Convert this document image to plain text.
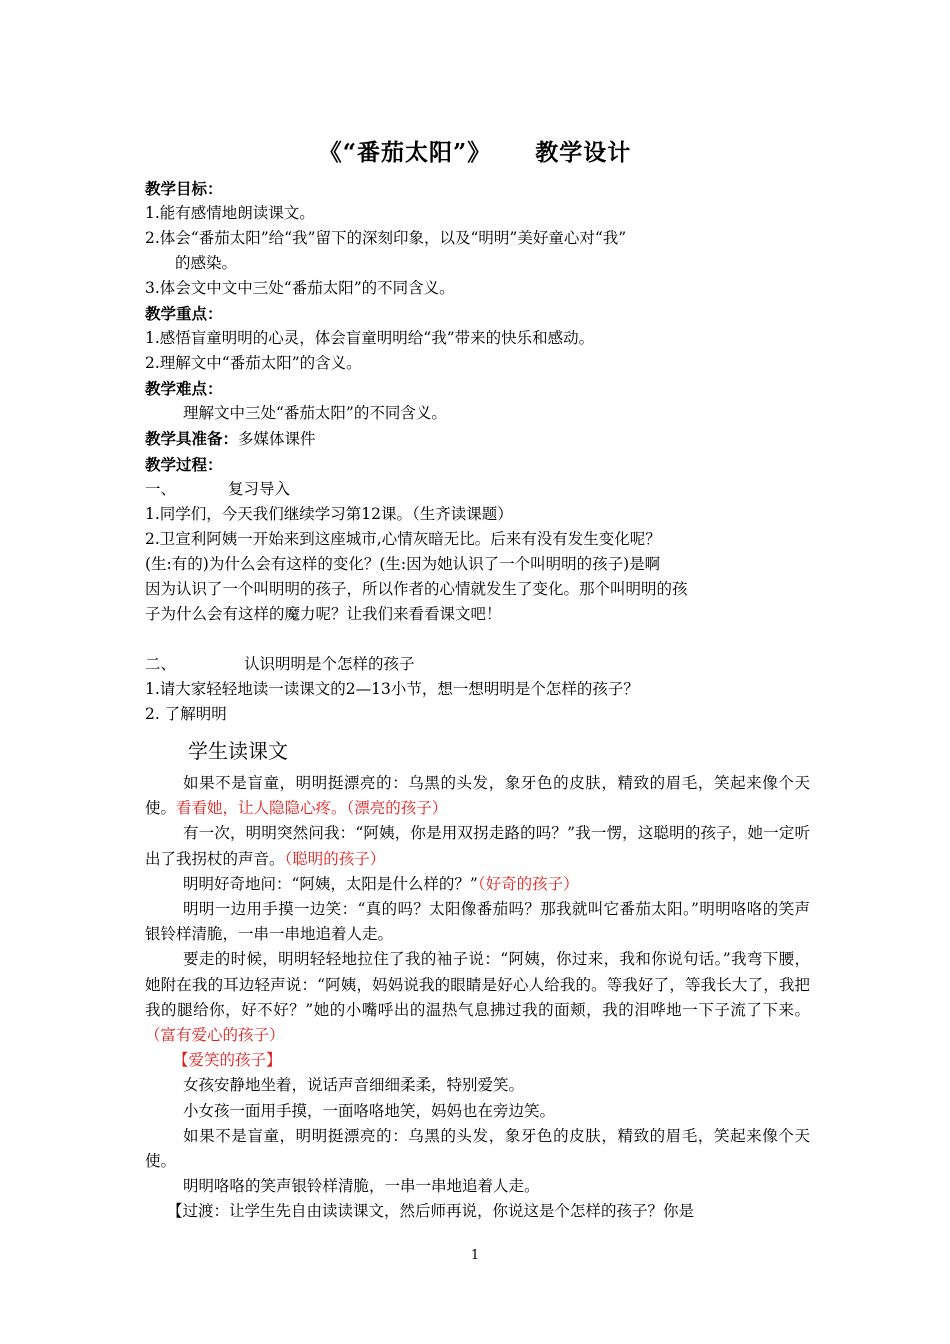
《“番茄太阳”》 教学设计
教学目标：
1.能有感情地朗读课文。
2.体会“番茄太阳”给“我”留下的深刻印象，以及“明明”美好童心对“我”
的感染。
3.体会文中文中三处“番茄太阳”的不同含义。
教学重点：
1.感悟盲童明明的心灵，体会盲童明明给“我”带来的快乐和感动。
2.理解文中“番茄太阳”的含义。
教学难点：
理解文中三处“番茄太阳”的不同含义。
教学具准备：多媒体课件
教学过程：
一、	复习导入
1.同学们，今天我们继续学习第12课。（生齐读课题）
2.卫宣利阿姨一开始来到这座城市,心情灰暗无比。后来有没有发生变化呢？
(生:有的)为什么会有这样的变化？(生:因为她认识了一个叫明明的孩子)是啊
因为认识了一个叫明明的孩子，所以作者的心情就发生了变化。那个叫明明的孩
子为什么会有这样的魔力呢？让我们来看看课文吧！
二、	认识明明是个怎样的孩子
1.请大家轻轻地读一读课文的2—13小节，想一想明明是个怎样的孩子？
2. 了解明明
学生读课文

如果不是盲童，明明挺漂亮的：乌黑的头发，象牙色的皮肤，精致的眉毛，笑起来像个天使。看看她，让人隐隐心疼。（漂亮的孩子）

有一次，明明突然问我：“阿姨，你是用双拐走路的吗？”我一愣，这聪明的孩子，她一定听出了我拐杖的声音。（聪明的孩子）

明明好奇地问：“阿姨，太阳是什么样的？”（好奇的孩子）

明明一边用手摸一边笑：“真的吗？太阳像番茄吗？那我就叫它番茄太阳。”明明咯咯的笑声银铃样清脆，一串一串地追着人走。

要走的时候，明明轻轻地拉住了我的袖子说：“阿姨，你过来，我和你说句话。”我弯下腰，她附在我的耳边轻声说：“阿姨，妈妈说我的眼睛是好心人给我的。等我好了，等我长大了，我把我的腿给你，好不好？”她的小嘴呼出的温热气息拂过我的面颊，我的泪哗地一下子流了下来。（富有爱心的孩子）

【爱笑的孩子】

女孩安静地坐着，说话声音细细柔柔，特别爱笑。

小女孩一面用手摸，一面咯咯地笑，妈妈也在旁边笑。

如果不是盲童，明明挺漂亮的：乌黑的头发，象牙色的皮肤，精致的眉毛，笑起来像个天使。

明明咯咯的笑声银铃样清脆，一串一串地追着人走。

【过渡：让学生先自由读读课文，然后师再说，你说这是个怎样的孩子？你是

1
